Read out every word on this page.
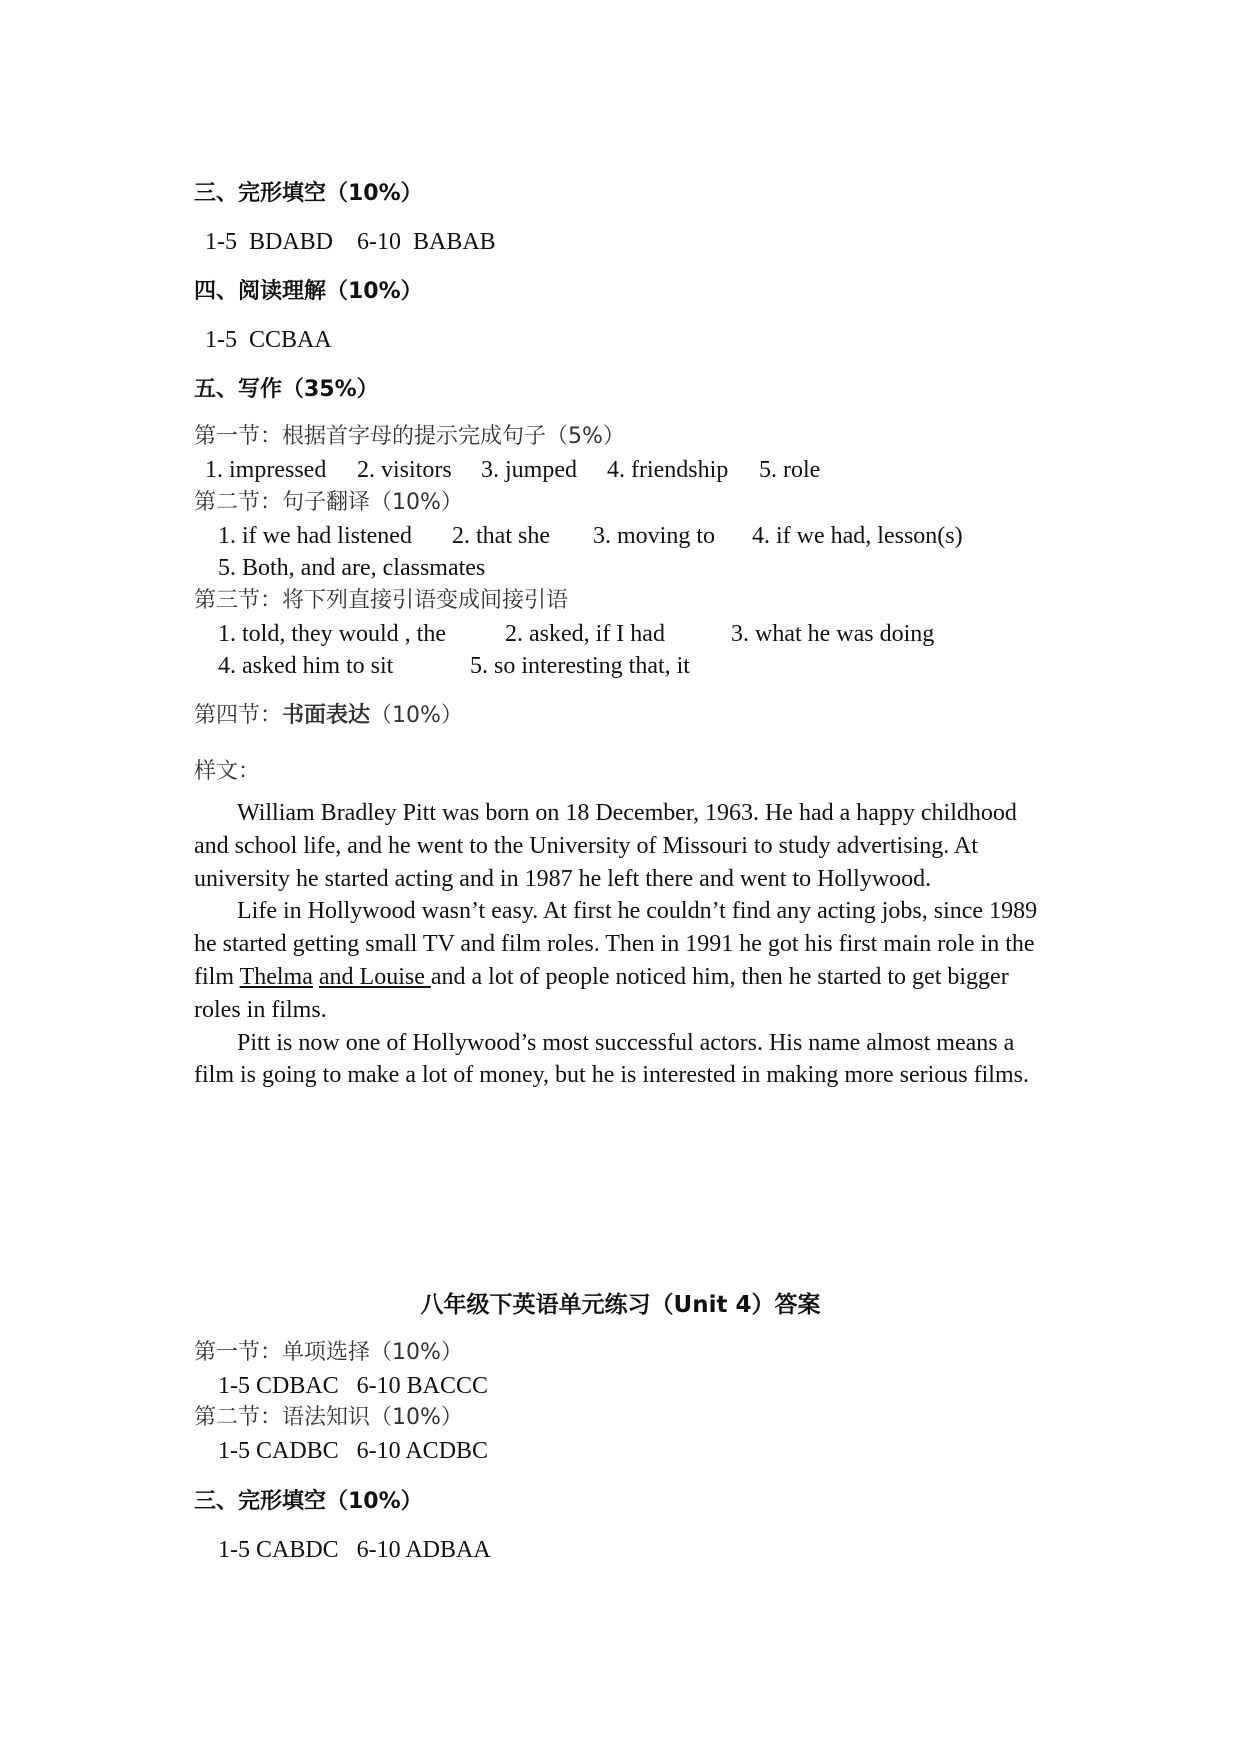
三、完形填空（10%）
1-5  BDABD    6-10  BABAB
四、阅读理解（10%）
1-5  CCBAA
五、写作（35%）
第一节：根据首字母的提示完成句子（5%）

1. impressed

2. visitors

3. jumped

4. friendship

5. role

第二节：句子翻译（10%）

1. if we had listened

2. that she

3. moving to

4. if we had, lesson(s)

5. Both, and are, classmates
第三节：将下列直接引语变成间接引语

1. told, they would , the

2. asked, if I had

	3. what he was doing

4. asked him to sit

	5. so interesting that, it

第四节：书面表达（10%）
样文：

William Bradley Pitt was born on 18 December, 1963. He had a happy childhood and school life, and he went to the University of Missouri to study advertising. At university he started acting and in 1987 he left there and went to Hollywood.

Life in Hollywood wasn’t easy. At first he couldn’t find any acting jobs, since 1989 he started getting small TV and film roles. Then in 1991 he got his first main role in the film Thelma and Louise and a lot of people noticed him, then he started to get bigger roles in films.

Pitt is now one of Hollywood’s most successful actors. His name almost means a film is going to make a lot of money, but he is interested in making more serious films.

八年级下英语单元练习（Unit 4）答案
第一节：单项选择（10%）
1-5 CDBAC   6-10 BACCC
第二节：语法知识（10%）
1-5 CADBC   6-10 ACDBC
三、完形填空（10%）
1-5 CABDC   6-10 ADBAA
